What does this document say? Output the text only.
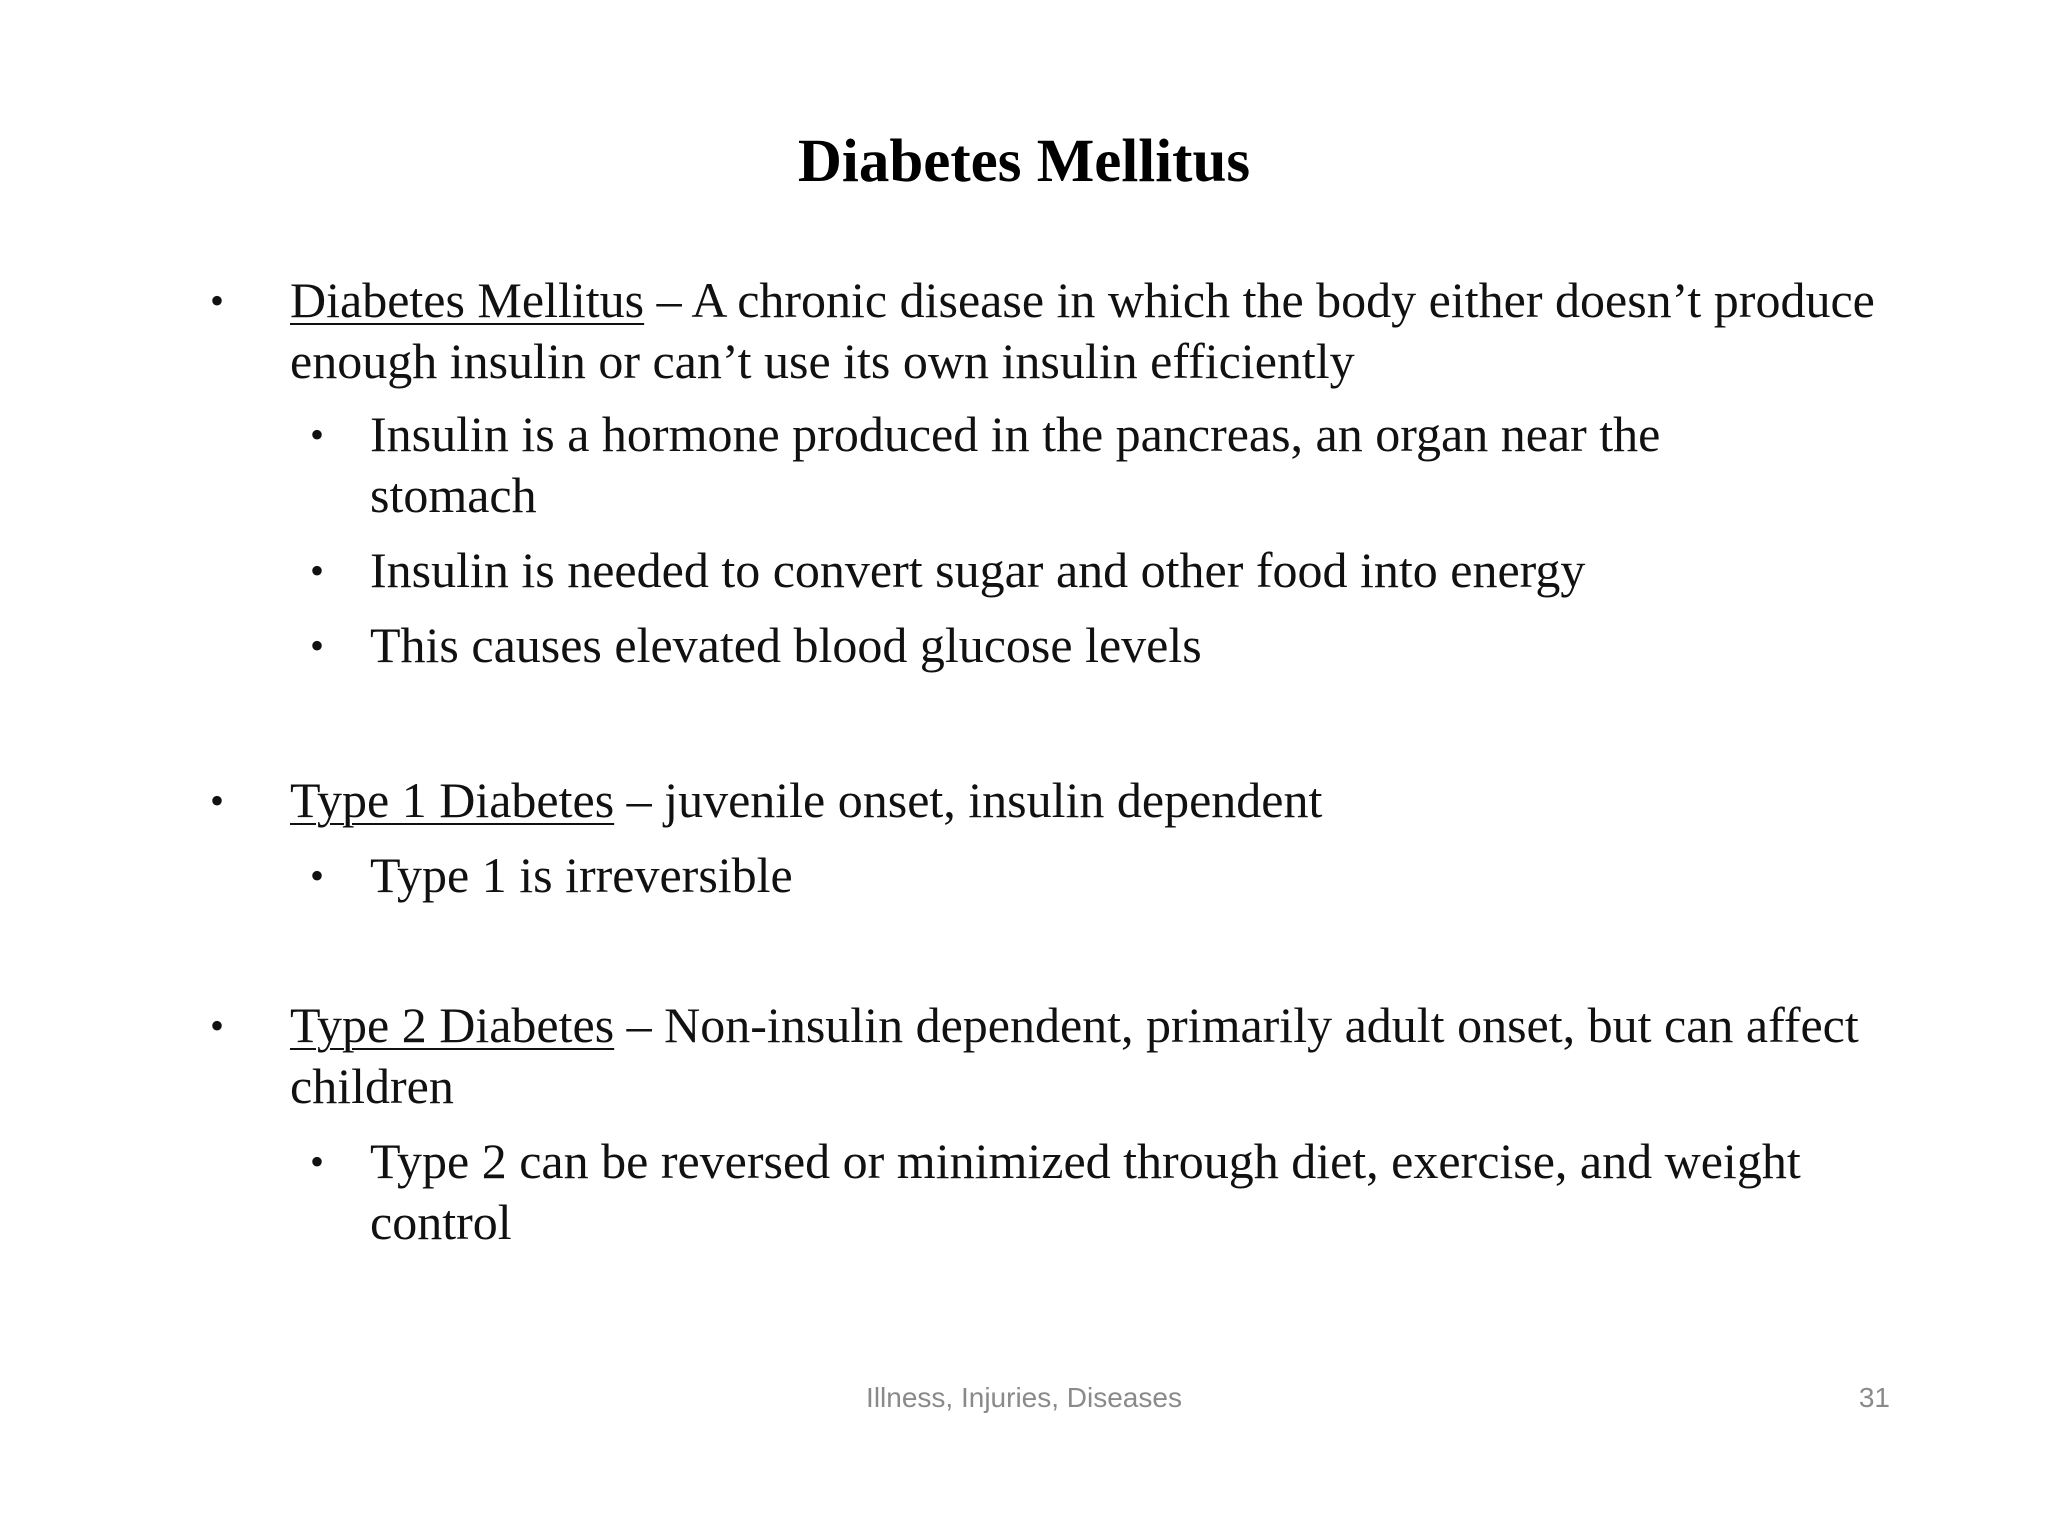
Diabetes Mellitus
• Diabetes Mellitus – A chronic disease in which the body either doesn’t produce enough insulin or can’t use its own insulin efficiently
• Insulin is a hormone produced in the pancreas, an organ near the stomach
• Insulin is needed to convert sugar and other food into energy
• This causes elevated blood glucose levels
• Type 1 Diabetes – juvenile onset, insulin dependent
• Type 1 is irreversible
• Type 2 Diabetes – Non-insulin dependent, primarily adult onset, but can affect children
• Type 2 can be reversed or minimized through diet, exercise, and weight control
Illness, Injuries, Diseases	31
